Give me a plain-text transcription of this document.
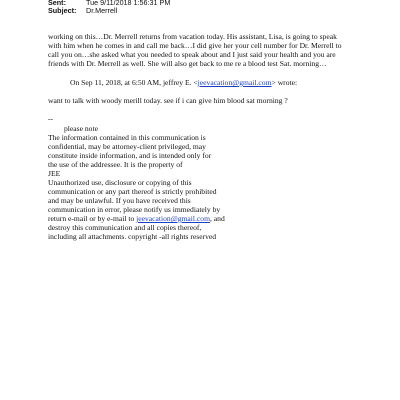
Sent:	Tue 9/11/2018 1:56:31 PM
Subject: Dr.Merrell
working on this…Dr. Merrell returns from vacation today. His assistant, Lisa, is going to speak
with him when he comes in and call me back…I did give her your cell number for Dr. Merrell to
call you on…she asked what you needed to speak about and I just said your health and you are
friends with Dr. Merrell as well. She will also get back to me re a blood test Sat. morning…
On Sep 11, 2018, at 6:50 AM, jeffrey E. <jeevacation@gmail.com> wrote:
want to talk with woody merill today. see if i can give him blood sat morning ?
--
please note
The information contained in this communication is
confidential, may be attorney-client privileged, may
constitute inside information, and is intended only for
the use of the addressee. It is the property of
JEE
Unauthorized use, disclosure or copying of this
communication or any part thereof is strictly prohibited
and may be unlawful. If you have received this
communication in error, please notify us immediately by
return e-mail or by e-mail to jeevacation@gmail.com, and
destroy this communication and all copies thereof,
including all attachments. copyright -all rights reserved
